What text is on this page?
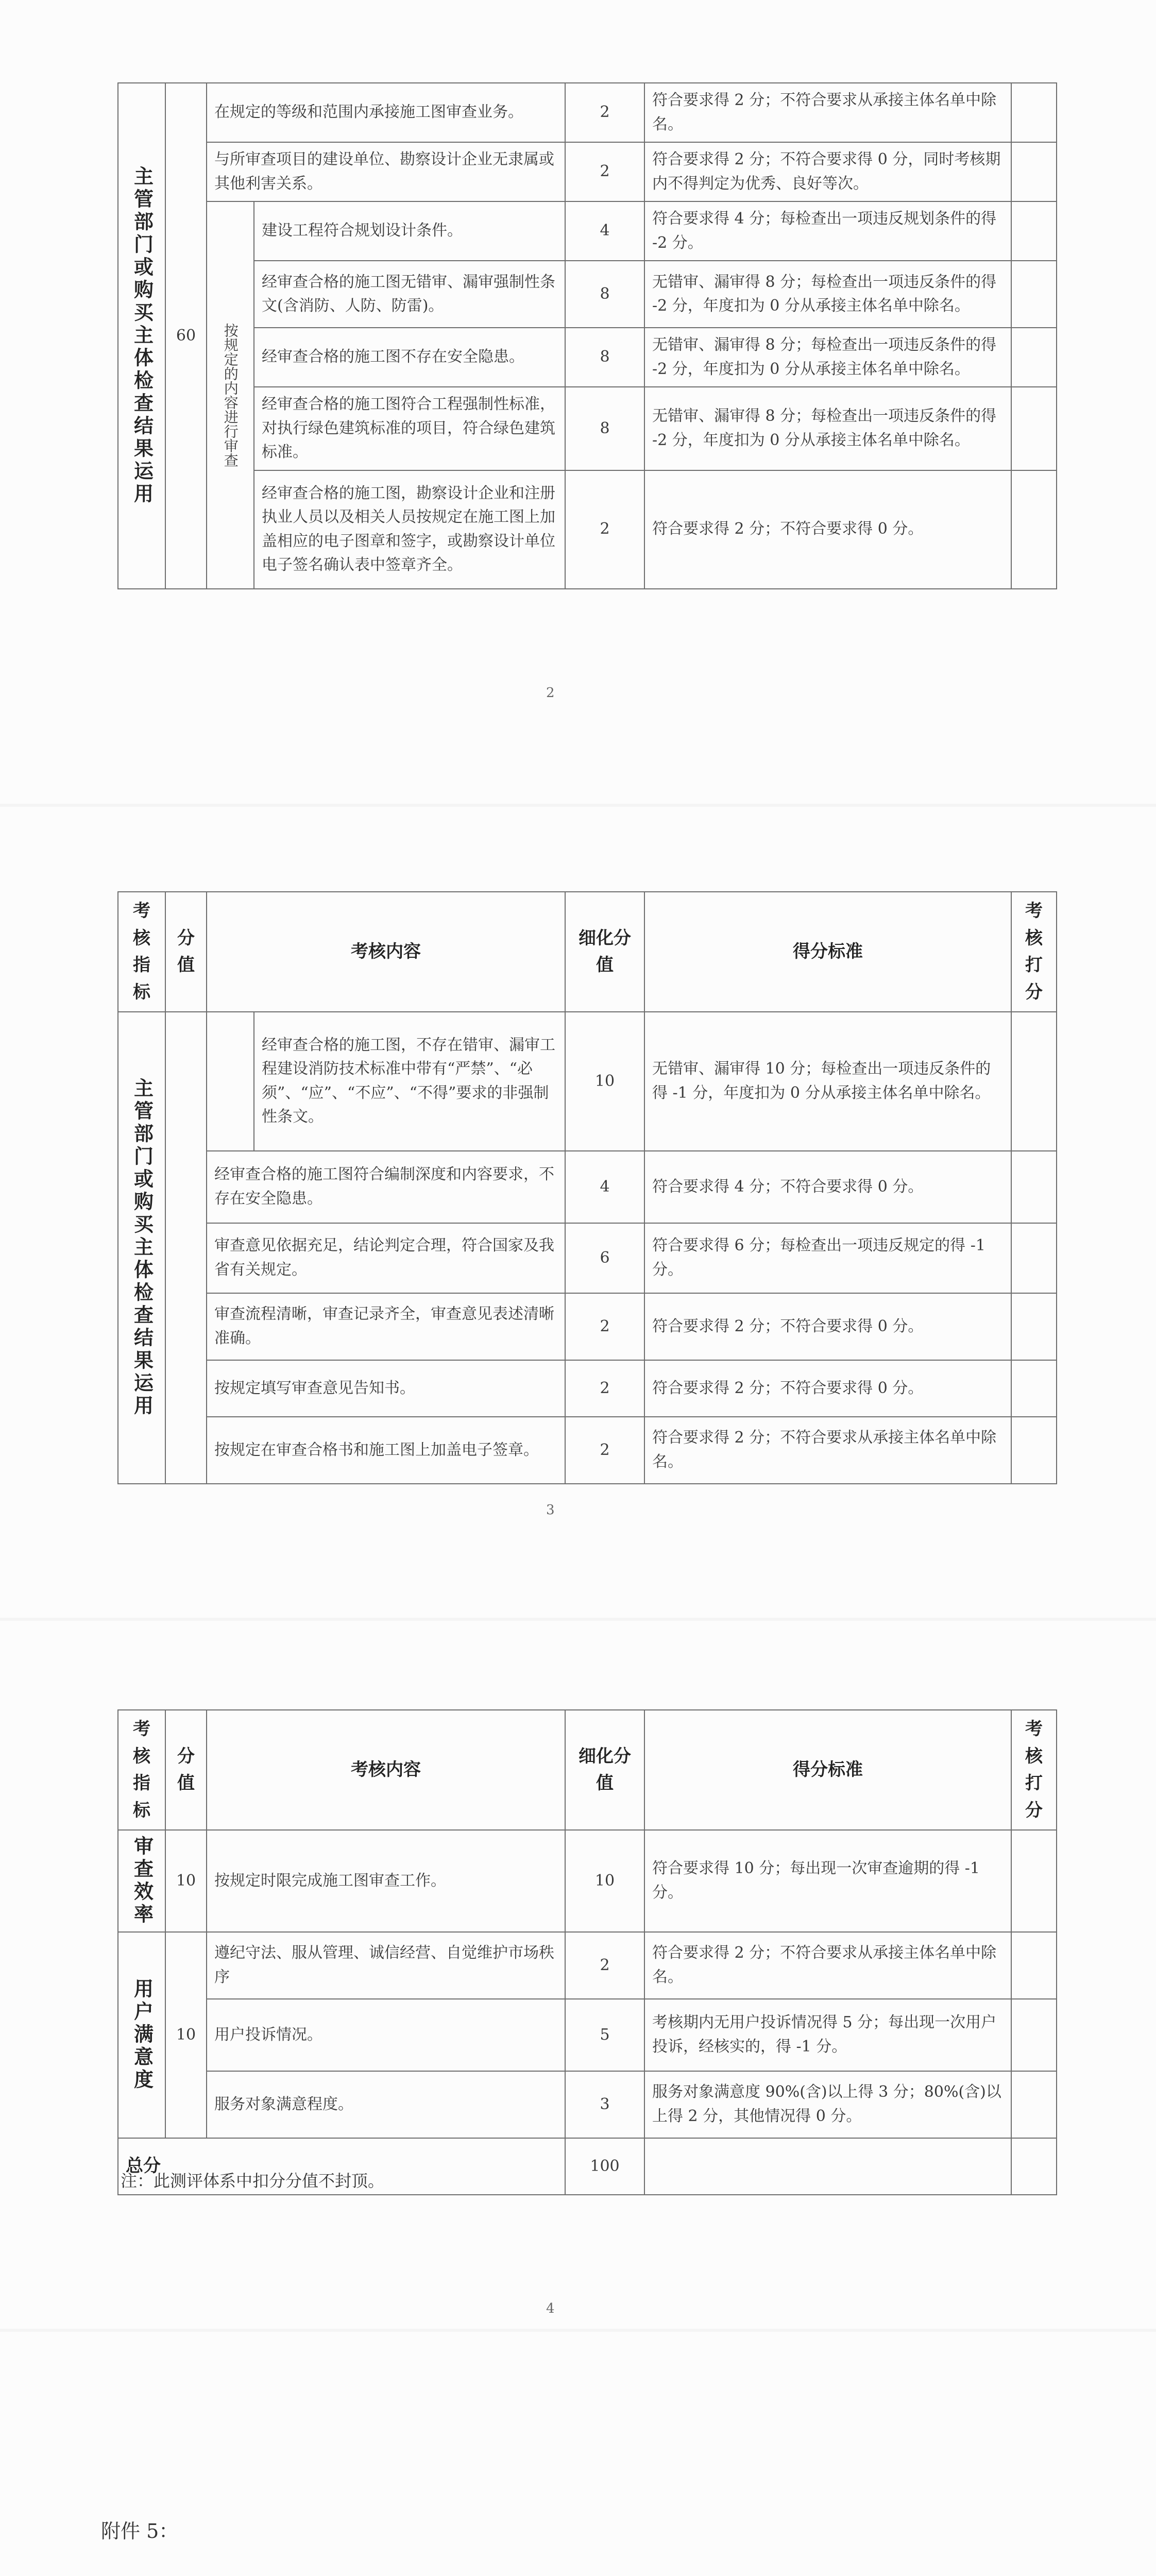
主管部门或购买主体检查结果运用	60	在规定的等级和范围内承接施工图审查业务。		2	符合要求得 2 分；不符合要求从承接主体名单中除名。	
		与所审查项目的建设单位、勘察设计企业无隶属或其他利害关系。		2	符合要求得 2 分；不符合要求得 0 分，同时考核期内不得判定为优秀、良好等次。	

		按规定的内容进行审查	建设工程符合规划设计条件。	4	符合要求得 4 分；每检查出一项违反规划条件的得 -2 分。	
			经审查合格的施工图无错审、漏审强制性条文(含消防、人防、防雷)。	8	无错审、漏审得 8 分；每检查出一项违反条件的得 -2 分，年度扣为 0 分从承接主体名单中除名。	
			经审查合格的施工图不存在安全隐患。	8	无错审、漏审得 8 分；每检查出一项违反条件的得 -2 分，年度扣为 0 分从承接主体名单中除名。	
			经审查合格的施工图符合工程强制性标准，对执行绿色建筑标准的项目，符合绿色建筑标准。	8	无错审、漏审得 8 分；每检查出一项违反条件的得 -2 分，年度扣为 0 分从承接主体名单中除名。	
			经审查合格的施工图，勘察设计企业和注册执业人员以及相关人员按规定在施工图上加盖相应的电子图章和签字，或勘察设计单位电子签名确认表中签章齐全。	2	符合要求得 2 分；不符合要求得 0 分。	
2
考核指标	分值	考核内容		细化分值	得分标准	考核打分

主管部门或购买主体检查结果运用			经审查合格的施工图，不存在错审、漏审工程建设消防技术标准中带有“严禁”、“必须”、“应”、“不应”、“不得”要求的非强制性条文。	10	无错审、漏审得 10 分；每检查出一项违反条件的得 -1 分，年度扣为 0 分从承接主体名单中除名。	
		经审查合格的施工图符合编制深度和内容要求，不存在安全隐患。		4	符合要求得 4 分；不符合要求得 0 分。	
		审查意见依据充足，结论判定合理，符合国家及我省有关规定。		6	符合要求得 6 分；每检查出一项违反规定的得 -1 分。	
		审查流程清晰，审查记录齐全，审查意见表述清晰准确。		2	符合要求得 2 分；不符合要求得 0 分。	
		按规定填写审查意见告知书。		2	符合要求得 2 分；不符合要求得 0 分。	
		按规定在审查合格书和施工图上加盖电子签章。		2	符合要求得 2 分；不符合要求从承接主体名单中除名。	
3
考核指标	分值	考核内容	细化分值	得分标准	考核打分

审查效率	10	按规定时限完成施工图审查工作。	10	符合要求得 10 分；每出现一次审查逾期的得 -1 分。	

用户满意度	10	遵纪守法、服从管理、诚信经营、自觉维护市场秩序	2	符合要求得 2 分；不符合要求从承接主体名单中除名。	
		用户投诉情况。	5	考核期内无用户投诉情况得 5 分；每出现一次用户投诉，经核实的，得 -1 分。	
		服务对象满意程度。	3	服务对象满意度 90%(含)以上得 3 分；80%(含)以上得 2 分，其他情况得 0 分。	
总分			100		
注：此测评体系中扣分分值不封顶。
4
附件 5：
